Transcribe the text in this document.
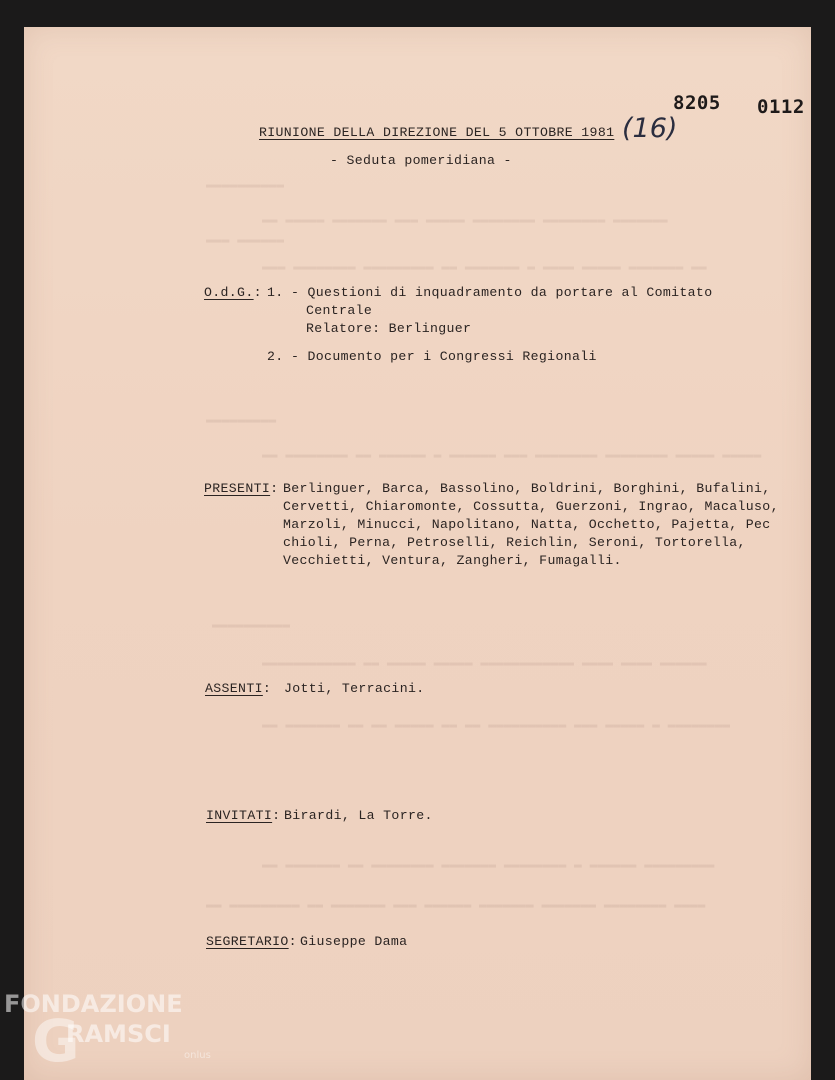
▬▬▬▬▬▬▬▬▬▬
▬▬ ▬▬▬▬▬ ▬▬▬▬▬▬▬ ▬▬▬ ▬▬▬▬▬ ▬▬▬▬▬▬▬▬ ▬▬▬▬▬▬▬▬ ▬▬▬▬▬▬▬
▬▬▬ ▬▬▬▬▬▬
▬▬▬ ▬▬▬▬▬▬▬▬ ▬▬▬▬▬▬▬▬▬ ▬▬ ▬▬▬▬▬▬▬ ▬ ▬▬▬▬ ▬▬▬▬▬ ▬▬▬▬▬▬▬ ▬▬
▬▬▬▬▬▬▬▬▬
▬▬ ▬▬▬▬▬▬▬▬ ▬▬ ▬▬▬▬▬▬ ▬ ▬▬▬▬▬▬ ▬▬▬ ▬▬▬▬▬▬▬▬ ▬▬▬▬▬▬▬▬ ▬▬▬▬▬ ▬▬▬▬▬
▬▬▬▬▬▬▬▬▬▬
▬▬▬▬▬▬▬▬▬▬▬▬ ▬▬ ▬▬▬▬▬ ▬▬▬▬▬ ▬▬▬▬▬▬▬▬▬▬▬▬ ▬▬▬▬ ▬▬▬▬ ▬▬▬▬▬▬
▬▬ ▬▬▬▬▬▬▬ ▬▬ ▬▬ ▬▬▬▬▬ ▬▬ ▬▬ ▬▬▬▬▬▬▬▬▬▬ ▬▬▬ ▬▬▬▬▬ ▬ ▬▬▬▬▬▬▬▬
▬▬ ▬▬▬▬▬▬▬ ▬▬ ▬▬▬▬▬▬▬▬ ▬▬▬▬▬▬▬ ▬▬▬▬▬▬▬▬ ▬ ▬▬▬▬▬▬ ▬▬▬▬▬▬▬▬▬
▬▬ ▬▬▬▬▬▬▬▬▬ ▬▬ ▬▬▬▬▬▬▬ ▬▬▬ ▬▬▬▬▬▬ ▬▬▬▬▬▬▬ ▬▬▬▬▬▬▬ ▬▬▬▬▬▬▬▬ ▬▬▬▬
8205 0112
(16)
RIUNIONE DELLA DIREZIONE DEL 5 OTTOBRE 1981
- Seduta pomeridiana -
O.d.G.: 1. - Questioni di inquadramento da portare al Comitato
Centrale
Relatore: Berlinguer
2. - Documento per i Congressi Regionali
PRESENTI: Berlinguer, Barca, Bassolino, Boldrini, Borghini, Bufalini,
Cervetti, Chiaromonte, Cossutta, Guerzoni, Ingrao, Macaluso,
Marzoli, Minucci, Napolitano, Natta, Occhetto, Pajetta, Pec
chioli, Perna, Petroselli, Reichlin, Seroni, Tortorella,
Vecchietti, Ventura, Zangheri, Fumagalli.
ASSENTI: Jotti, Terracini.
INVITATI: Birardi, La Torre.
SEGRETARIO: Giuseppe Dama
FONDAZIONE
G
RAMSCI
onlus
